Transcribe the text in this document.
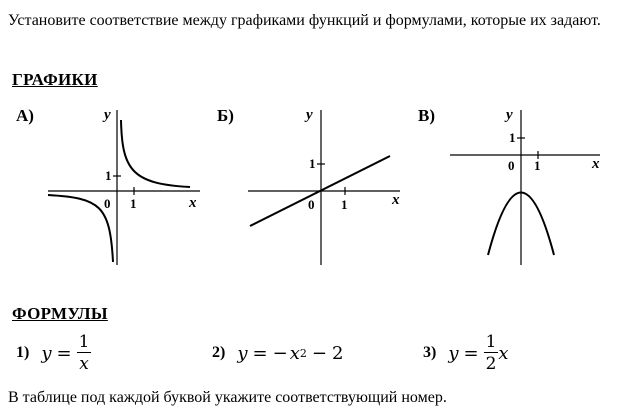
Установите соответствие между графиками функций и формулами, которые их задают.
ГРАФИКИ
А)	Б)	В)
y
x
0 1
1
y
x
0 1
1
y
x
0 1
1
ФОРМУЛЫ
1) $y = \frac{1}{x}$	2) y = − x 2 − 2	3) $y = \frac{1}{2}$ x
В таблице под каждой буквой укажите соответствующий номер.
